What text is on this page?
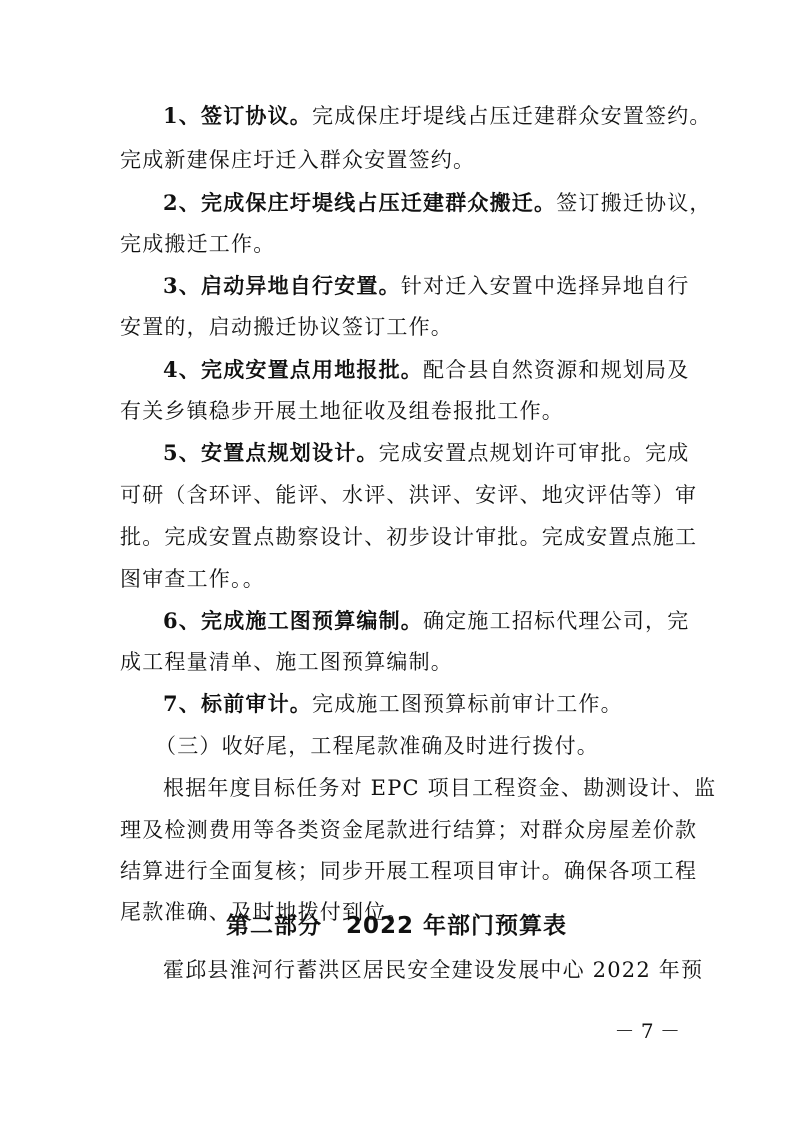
1、签订协议。完成保庄圩堤线占压迁建群众安置签约。
完成新建保庄圩迁入群众安置签约。
2、完成保庄圩堤线占压迁建群众搬迁。签订搬迁协议，
完成搬迁工作。
3、启动异地自行安置。针对迁入安置中选择异地自行
安置的，启动搬迁协议签订工作。
4、完成安置点用地报批。配合县自然资源和规划局及
有关乡镇稳步开展土地征收及组卷报批工作。
5、安置点规划设计。完成安置点规划许可审批。完成
可研（含环评、能评、水评、洪评、安评、地灾评估等）审
批。完成安置点勘察设计、初步设计审批。完成安置点施工
图审查工作。。
6、完成施工图预算编制。确定施工招标代理公司，完
成工程量清单、施工图预算编制。
7、标前审计。完成施工图预算标前审计工作。
（三）收好尾，工程尾款准确及时进行拨付。
根据年度目标任务对 EPC 项目工程资金、勘测设计、监
理及检测费用等各类资金尾款进行结算；对群众房屋差价款
结算进行全面复核；同步开展工程项目审计。确保各项工程
尾款准确、及时地拨付到位。
第二部分　2022 年部门预算表
霍邱县淮河行蓄洪区居民安全建设发展中心 2022 年预
－ 7 －
